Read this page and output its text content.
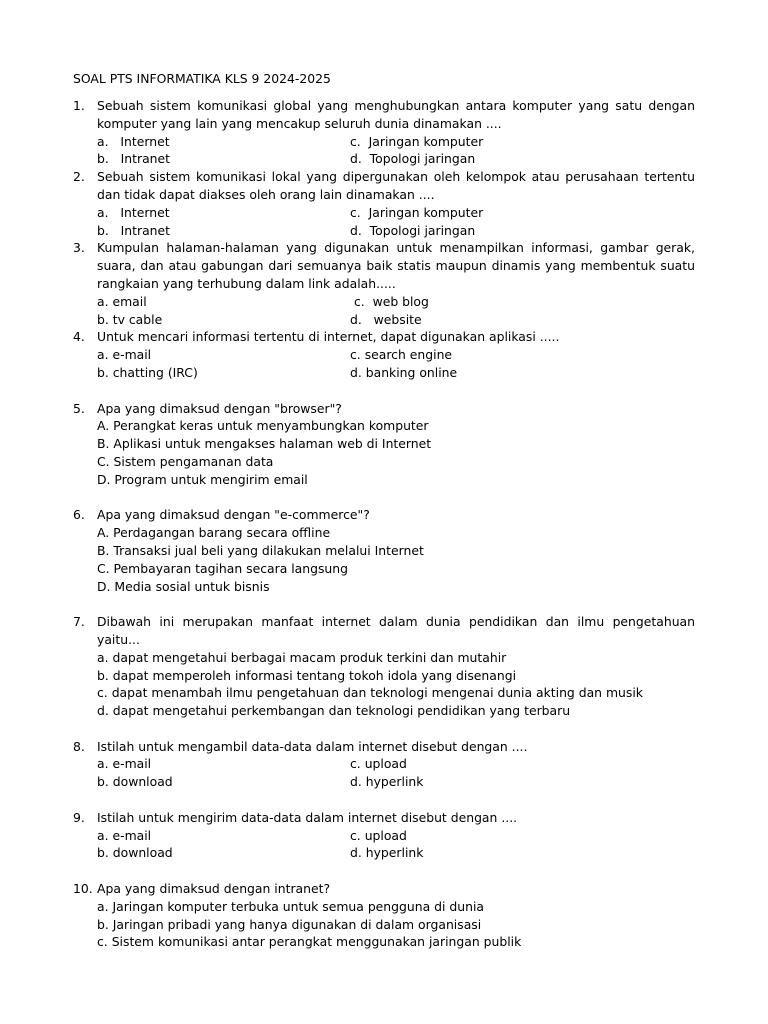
SOAL PTS INFORMATIKA KLS 9 2024-2025
1. Sebuah sistem komunikasi global yang menghubungkan antara komputer yang satu dengan komputer yang lain yang mencakup seluruh dunia dinamakan ....
a.   Internet	c.  Jaringan komputer
b.   Intranet	d.  Topologi jaringan
2. Sebuah sistem komunikasi lokal yang dipergunakan oleh kelompok atau perusahaan tertentu dan tidak dapat diakses oleh orang lain dinamakan ....
a.   Internet	c.  Jaringan komputer
b.   Intranet	d.  Topologi jaringan
3. Kumpulan halaman-halaman yang digunakan untuk menampilkan informasi, gambar gerak, suara, dan atau gabungan dari semuanya baik statis maupun dinamis yang membentuk suatu rangkaian yang terhubung dalam link adalah.....
a. email	c.  web blog
b. tv cable	d.   website
4. Untuk mencari informasi tertentu di internet, dapat digunakan aplikasi .....
a. e-mail	c. search engine
b. chatting (IRC)	d. banking online
5. Apa yang dimaksud dengan "browser"?
A. Perangkat keras untuk menyambungkan komputer
B. Aplikasi untuk mengakses halaman web di Internet
C. Sistem pengamanan data
D. Program untuk mengirim email
6. Apa yang dimaksud dengan "e-commerce"?
A. Perdagangan barang secara offline
B. Transaksi jual beli yang dilakukan melalui Internet
C. Pembayaran tagihan secara langsung
D. Media sosial untuk bisnis
7. Dibawah ini merupakan manfaat internet dalam dunia pendidikan dan ilmu pengetahuan yaitu...
a. dapat mengetahui berbagai macam produk terkini dan mutahir
b. dapat memperoleh informasi tentang tokoh idola yang disenangi
c. dapat menambah ilmu pengetahuan dan teknologi mengenai dunia akting dan musik
d. dapat mengetahui perkembangan dan teknologi pendidikan yang terbaru
8. Istilah untuk mengambil data-data dalam internet disebut dengan ....
a. e-mail	c. upload
b. download	d. hyperlink
9. Istilah untuk mengirim data-data dalam internet disebut dengan ....
a. e-mail	c. upload
b. download	d. hyperlink
10. Apa yang dimaksud dengan intranet?
a. Jaringan komputer terbuka untuk semua pengguna di dunia
b. Jaringan pribadi yang hanya digunakan di dalam organisasi
c. Sistem komunikasi antar perangkat menggunakan jaringan publik
